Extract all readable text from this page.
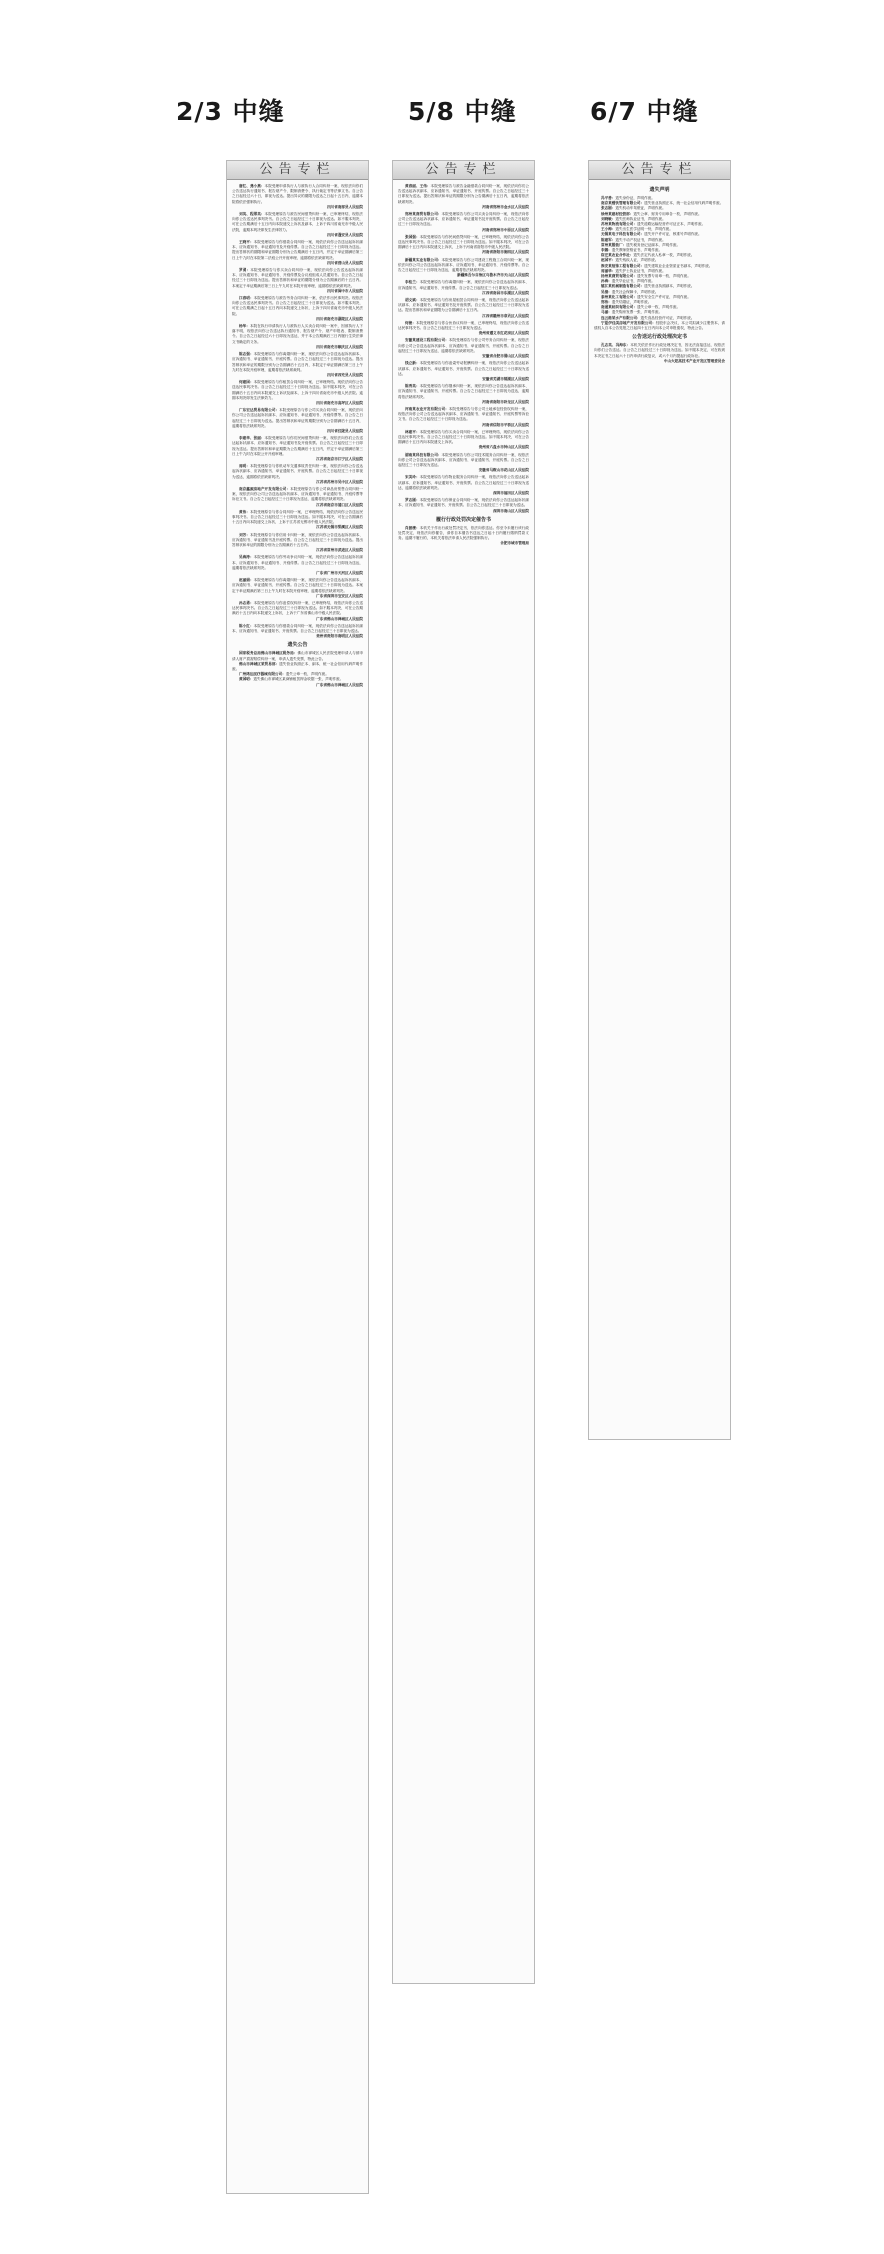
2/3 中缝	5/8 中缝	6/7 中缝
公告专栏

唐红、龚小燕：本院受理申请执行人与被执行人合同纠纷一案，现依法向你们公告送达执行通知书、报告财产令、限制消费令、执行裁定书等法律文书。自公告之日起经过六十日，即视为送达。提出异议的期限为送达之日起十五日内，逾期本院将依法强制执行。

四川省南部县人民法院

刘英、程翠英：本院受理原告与被告民间借贷纠纷一案，已审理终结，现依法向你公告送达民事判决书。自公告之日起经过三十日即视为送达。如不服本判决，可在公告期满后十五日内向本院递交上诉状及副本，上诉于四川省南充市中级人民法院，逾期本判决即发生法律效力。

四川省蓬安县人民法院

王晓平：本院受理原告与你借款合同纠纷一案，现依法向你公告送达起诉状副本、应诉通知书、举证通知书及开庭传票。自公告之日起经过三十日即视为送达。提出答辩状的期限和举证期限分别为公告期满后十五日内，并定于举证期满后第三日上午九时在本院第二法庭公开开庭审理，逾期将依法缺席判决。

四川省营山县人民法院

罗勇：本院受理原告与你买卖合同纠纷一案，现依法向你公告送达起诉状副本、应诉通知书、举证通知书、开庭传票及合议庭组成人员通知书。自公告之日起经过三十日即视为送达。提出答辩状和举证的期限分别为公告期满后的十五日内。本案定于举证期满后第三日上午九时在本院开庭审理，逾期将依法缺席判决。

四川省阆中市人民法院

江春明：本院受理原告与被告劳务合同纠纷一案，依法作出民事判决。现依法向你公告送达民事判决书。自公告之日起经过三十日即视为送达。如不服本判决，可在公告期满之日起十五日内向本院递交上诉状，上诉于四川省南充市中级人民法院。

四川省南充市嘉陵区人民法院

杨华：本院在执行申请执行人与被执行人买卖合同纠纷一案中，因被执行人下落不明，现依法向你公告送达执行通知书、报告财产令、财产申报表、限制消费令。自公告之日起经过六十日即视为送达，并于本公告期满后三日内履行生效法律文书确定的义务。

四川省南充市顺庆区人民法院

陈志强：本院受理原告与你离婚纠纷一案，现依法向你公告送达起诉状副本、应诉通知书、举证通知书、开庭传票。自公告之日起经过三十日即视为送达。提出答辩状和举证的期限分别为公告期满后十五日内，本院定于举证期满后第三日上午九时在本院开庭审理，逾期将依法缺席裁判。

四川省西充县人民法院

何建国：本院受理原告与你租赁合同纠纷一案，已审理终结。现依法向你公告送达民事判决书。自公告之日起经过三十日即视为送达。如不服本判决，可在公告期满后十五日内向本院递交上诉状及副本，上诉于四川省南充市中级人民法院。逾期本判决即发生法律效力。

四川省南充市高坪区人民法院

广东宏达贸易有限公司：本院受理原告与你公司买卖合同纠纷一案，现依法向你公司公告送达起诉状副本、应诉通知书、举证通知书、开庭传票等。自公告之日起经过三十日即视为送达。提出答辩状和举证的期限分别为公告期满后十五日内，逾期将依法缺席判决。

四川省仪陇县人民法院

李建华、张丽：本院受理原告与你们民间借贷纠纷一案，现依法向你们公告送达起诉状副本、应诉通知书、举证通知书及开庭传票。自公告之日起经过三十日即视为送达。提出答辩状和举证期限为公告期满后十五日内，并定于举证期满后第三日上午九时在本院公开开庭审理。

江苏省南京市江宁区人民法院

周明：本院受理原告与你机动车交通事故责任纠纷一案，现依法向你公告送达起诉状副本、应诉通知书、举证通知书、开庭传票。自公告之日起经过三十日即视为送达，逾期将依法缺席判决。

江苏省苏州市吴中区人民法院

南京鑫源房地产开发有限公司：本院受理原告与你公司商品房预售合同纠纷一案，现依法向你公司公告送达起诉状副本、应诉通知书、举证通知书、开庭传票等诉讼文书。自公告之日起经过三十日即视为送达，逾期将依法缺席判决。

江苏省南京市浦口区人民法院

黄伟：本院受理原告与你合同纠纷一案，已审理终结，现依法向你公告送达民事判决书。自公告之日起经过三十日即视为送达。如不服本判决，可在公告期满后十五日内向本院递交上诉状，上诉于江苏省无锡市中级人民法院。

江苏省无锡市梁溪区人民法院

刘芳：本院受理原告与你信用卡纠纷一案，现依法向你公告送达起诉状副本、应诉通知书、举证通知书及开庭传票。自公告之日起经过三十日即视为送达。提出答辩状和举证的期限分别为公告期满后十五日内。

江苏省常州市武进区人民法院

吴海涛：本院受理原告与你劳动争议纠纷一案，现依法向你公告送达起诉状副本、应诉通知书、举证通知书、开庭传票。自公告之日起经过三十日即视为送达，逾期将依法缺席判决。

广东省广州市天河区人民法院

赵丽娟：本院受理原告与你离婚纠纷一案，现依法向你公告送达起诉状副本、应诉通知书、举证通知书、开庭传票。自公告之日起经过三十日即视为送达。本案定于举证期满后第三日上午九时在本院开庭审理，逾期将依法缺席判决。

广东省深圳市宝安区人民法院

孙志勇：本院受理原告与你追偿权纠纷一案，已审理终结，现依法向你公告送达民事判决书。自公告之日起经过三十日即视为送达。如不服本判决，可在公告期满后十五日内向本院递交上诉状，上诉于广东省佛山市中级人民法院。

广东省佛山市禅城区人民法院

陈小红：本院受理原告与你借款合同纠纷一案，现依法向你公告送达起诉状副本、应诉通知书、举证通知书、开庭传票。自公告之日起经过三十日即视为送达。

贵州省贵阳市南明区人民法院

遗失公告

国家税务总局佛山市禅城区税务局：佛山市禅城区人民法院受理申请人与被申请人财产损害赔偿纠纷一案，申请人遗失发票，特此公告。

佛山市禅城区某贸易部：遗失营业执照正本、副本，统一社会信用代码声明作废。

广州鸿达医疗器械有限公司：遗失公章一枚，声明作废。

黄国明：遗失佛山市禅城区某商铺租赁押金收据一张，声明作废。

广东省佛山市禅城区人民法院

公告专栏

黄春丽、王伟：本院受理原告与被告金融借款合同纠纷一案，现依法向你们公告送达起诉状副本、应诉通知书、举证通知书、开庭传票。自公告之日起经过三十日即视为送达。提出答辩状和举证的期限分别为公告期满后十五日内，逾期将依法缺席判决。

河南省郑州市金水区人民法院

郑州某商贸有限公司：本院受理原告与你公司买卖合同纠纷一案，现依法向你公司公告送达起诉状副本、应诉通知书、举证通知书及开庭传票。自公告之日起经过三十日即视为送达。

河南省郑州市中原区人民法院

张国强：本院受理原告与你民间借贷纠纷一案，已审理终结，现依法向你公告送达民事判决书。自公告之日起经过三十日即视为送达。如不服本判决，可在公告期满后十五日内向本院递交上诉状，上诉于河南省洛阳市中级人民法院。

河南省洛阳市涧西区人民法院

新疆某实业有限公司：本院受理原告与你公司建设工程施工合同纠纷一案，现依法向你公司公告送达起诉状副本、应诉通知书、举证通知书、开庭传票等。自公告之日起经过三十日即视为送达，逾期将依法缺席判决。

新疆维吾尔自治区乌鲁木齐市天山区人民法院

李桂兰：本院受理原告与你离婚纠纷一案，现依法向你公告送达起诉状副本、应诉通知书、举证通知书、开庭传票。自公告之日起经过三十日即视为送达。

江西省南昌市东湖区人民法院

胡文斌：本院受理原告与你房屋租赁合同纠纷一案，现依法向你公告送达起诉状副本、应诉通知书、举证通知书及开庭传票。自公告之日起经过三十日即视为送达。提出答辩状和举证期限为公告期满后十五日内。

江西省赣州市章贡区人民法院

何俊：本院受理原告与你合伙协议纠纷一案，已审理终结，现依法向你公告送达民事判决书。自公告之日起经过三十日即视为送达。

贵州省遵义市红花岗区人民法院

安徽某建设工程有限公司：本院受理原告与你公司劳务合同纠纷一案，现依法向你公司公告送达起诉状副本、应诉通知书、举证通知书、开庭传票。自公告之日起经过三十日即视为送达，逾期将依法缺席判决。

安徽省合肥市蜀山区人民法院

钱立新：本院受理原告与你追索劳动报酬纠纷一案，现依法向你公告送达起诉状副本、应诉通知书、举证通知书、开庭传票。自公告之日起经过三十日即视为送达。

安徽省芜湖市镜湖区人民法院

陈秀英：本院受理原告与你继承纠纷一案，现依法向你公告送达起诉状副本、应诉通知书、举证通知书、开庭传票。自公告之日起经过三十日即视为送达，逾期将依法缺席判决。

河南省南阳市卧龙区人民法院

河南某农业开发有限公司：本院受理原告与你公司土地承包经营权纠纷一案，现依法向你公司公告送达起诉状副本、应诉通知书、举证通知书、开庭传票等诉讼文书。自公告之日起经过三十日即视为送达。

河南省信阳市平桥区人民法院

林建平：本院受理原告与你买卖合同纠纷一案，已审理终结，现依法向你公告送达民事判决书。自公告之日起经过三十日即视为送达。如不服本判决，可在公告期满后十五日内向本院递交上诉状。

贵州省六盘水市钟山区人民法院

湖南某科技有限公司：本院受理原告与你公司技术服务合同纠纷一案，现依法向你公司公告送达起诉状副本、应诉通知书、举证通知书、开庭传票。自公告之日起经过三十日即视为送达。

安徽省马鞍山市花山区人民法院

宋美玲：本院受理原告与你物业服务合同纠纷一案，现依法向你公告送达起诉状副本、应诉通知书、举证通知书、开庭传票。自公告之日起经过三十日即视为送达，逾期将依法缺席判决。

深圳市福田区人民法院

罗志刚：本院受理原告与你保证合同纠纷一案，现依法向你公告送达起诉状副本、应诉通知书、举证通知书、开庭传票。自公告之日起经过三十日即视为送达。

深圳市南山区人民法院

履行行政处罚决定催告书

肖振楼：本机关于作出行政处罚决定书，依法向你送达。你至今未履行该行政处罚决定，现依法向你催告，请你自本催告书送达之日起十日内履行缴纳罚款义务。逾期不履行的，本机关将依法申请人民法院强制执行。

合肥市城市管理局

公告专栏
遗失声明

冯平善：遗失身份证，声明作废。

南京某餐饮管理有限公司：遗失营业执照正本，统一社会信用代码声明作废。

张志刚：遗失机动车驾驶证，声明作废。

徐州某建材经营部：遗失公章、财务专用章各一枚，声明作废。

刘晓敏：遗失医师执业证书，声明作废。

苏州某物流有限公司：遗失道路运输经营许可证正本，声明作废。

王小梅：遗失出生医学证明一份，声明作废。

无锡某电子科技有限公司：遗失开户许可证，核准号声明作废。

陈建军：遗失不动产权证书，声明作废。

常州某服装厂：遗失税务登记证副本，声明作废。

李娜：遗失教师资格证书，声明作废。

宿迁某农业合作社：遗失法定代表人私章一枚，声明作废。

赵国平：遗失残疾人证，声明作废。

淮安某装饰工程有限公司：遗失建筑业企业资质证书副本，声明作废。

周丽华：遗失护士执业证书，声明作废。

扬州某商贸有限公司：遗失发票专用章一枚，声明作废。

孙海：遗失毕业证书，声明作废。

镇江某机械制造有限公司：遗失营业执照副本，声明作废。

吴倩：遗失社会保障卡，声明作废。

泰州某化工有限公司：遗失安全生产许可证，声明作废。

郑伟：遗失结婚证，声明作废。

南通某纺织有限公司：遗失公章一枚，声明作废。

马丽：遗失购房发票一张，声明作废。

连云港某水产有限公司：遗失食品经营许可证，声明作废。

宁夏伊佳美房地产开发有限公司：经股东会决议，本公司拟减少注册资本，请债权人自本公告见报之日起四十五日内向本公司申报债权，特此公告。

公告送达行政处理决定书

孔志英、冯海东：本机关依法作出行政处理决定书，因无法直接送达，现依法向你们公告送达。自公告之日起经过三十日即视为送达。如不服本决定，可在收到本决定书之日起六十日内申请行政复议，或六个月内提起行政诉讼。

中山火炬高技术产业开发区管理委员会
